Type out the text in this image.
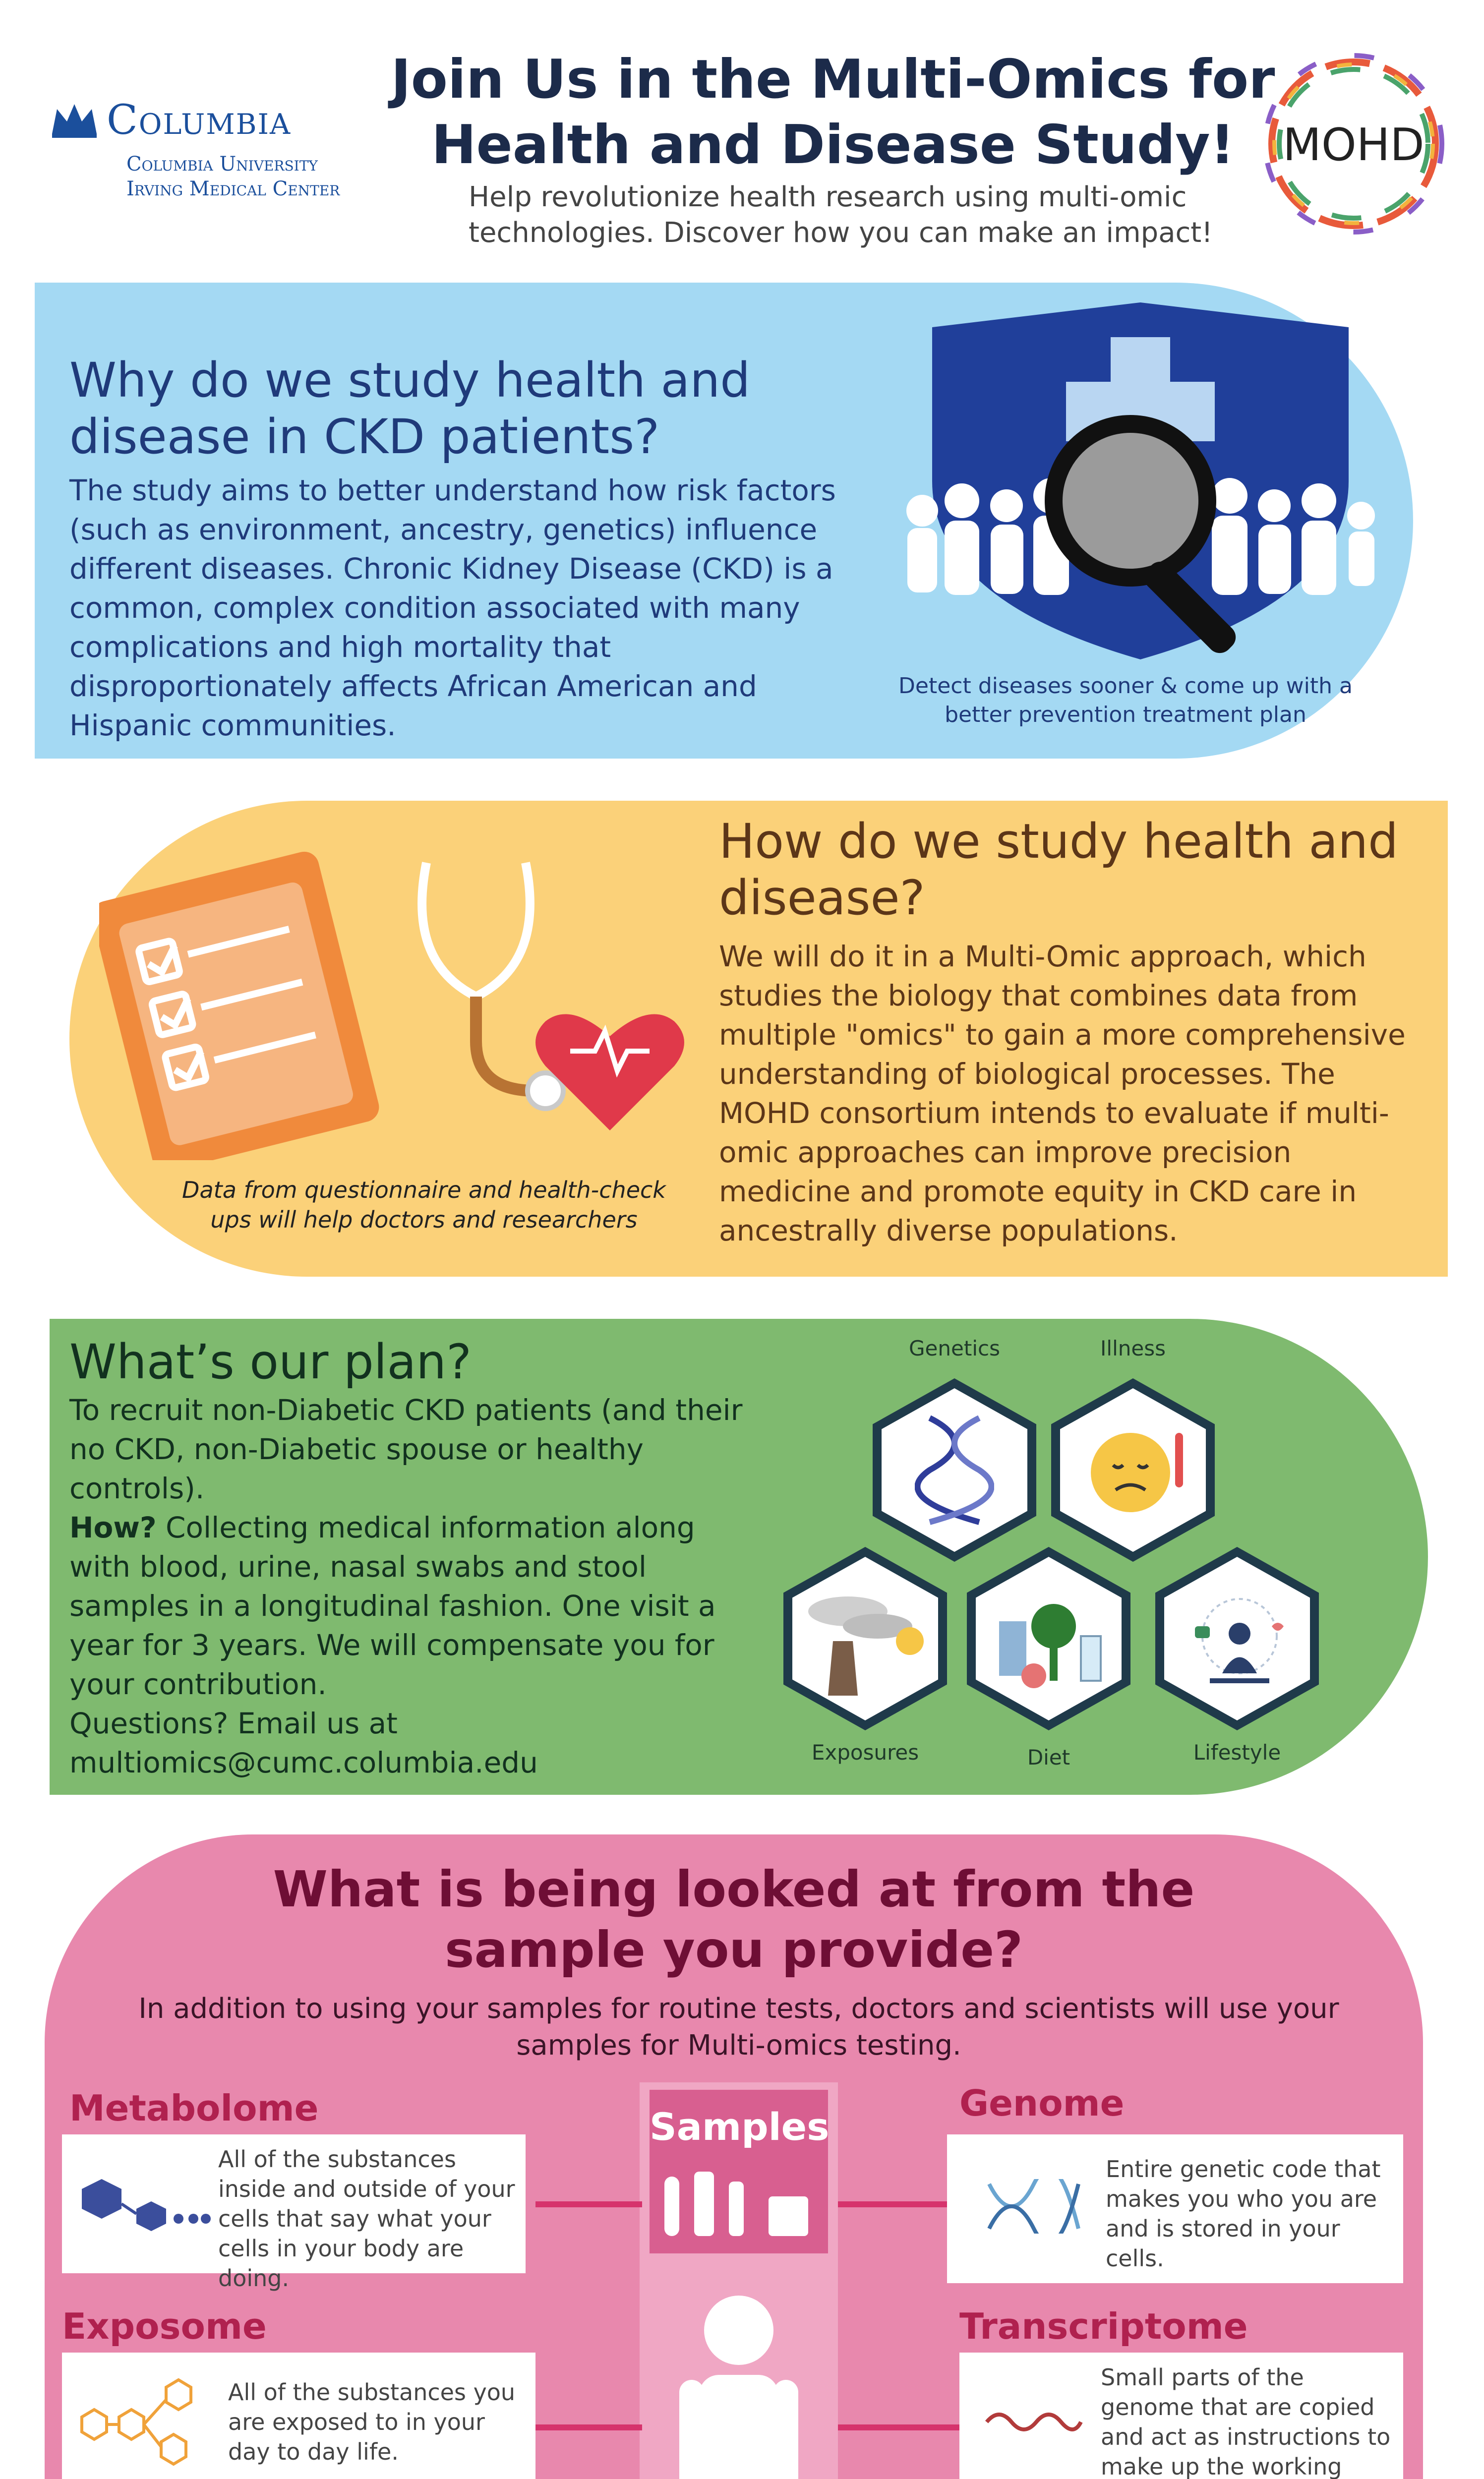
Columbia
Columbia University
Irving Medical Center
Join Us in the Multi-Omics for Health and Disease Study!
Help revolutionize health research using multi-omic technologies. Discover how you can make an impact!
MOHD
Why do we study health and disease in CKD patients?
The study aims to better understand how risk factors (such as environment, ancestry, genetics) influence different diseases. Chronic Kidney Disease (CKD) is a common, complex condition associated with many complications and high mortality that disproportionately affects African American and Hispanic communities.
Detect diseases sooner & come up with a better prevention treatment plan
Data from questionnaire and health-check ups will help doctors and researchers
How do we study health and disease?
We will do it in a Multi-Omic approach, which studies the biology that combines data from multiple "omics" to gain a more comprehensive understanding of biological processes. The MOHD consortium intends to evaluate if multi-omic approaches can improve precision medicine and promote equity in CKD care in ancestrally diverse populations.
What’s our plan?
To recruit non-Diabetic CKD patients (and their no CKD, non-Diabetic spouse or healthy controls).
How? Collecting medical information along with blood, urine, nasal swabs and stool samples in a longitudinal fashion. One visit a year for 3 years. We will compensate you for your contribution.
Questions? Email us at
multiomics@cumc.columbia.edu
Genetics	Illness
Exposures	Diet	Lifestyle
What is being looked at from the sample you provide?
In addition to using your samples for routine tests, doctors and scientists will use your samples for Multi-omics testing.
Samples
Metabolome
All of the substances inside and outside of your cells that say what your cells in your body are doing.
Exposome
All of the substances you are exposed to in your day to day life.
Genome
Entire genetic code that makes you who you are and is stored in your cells.
Transcriptome
Small parts of the genome that are copied and act as instructions to make up the working
